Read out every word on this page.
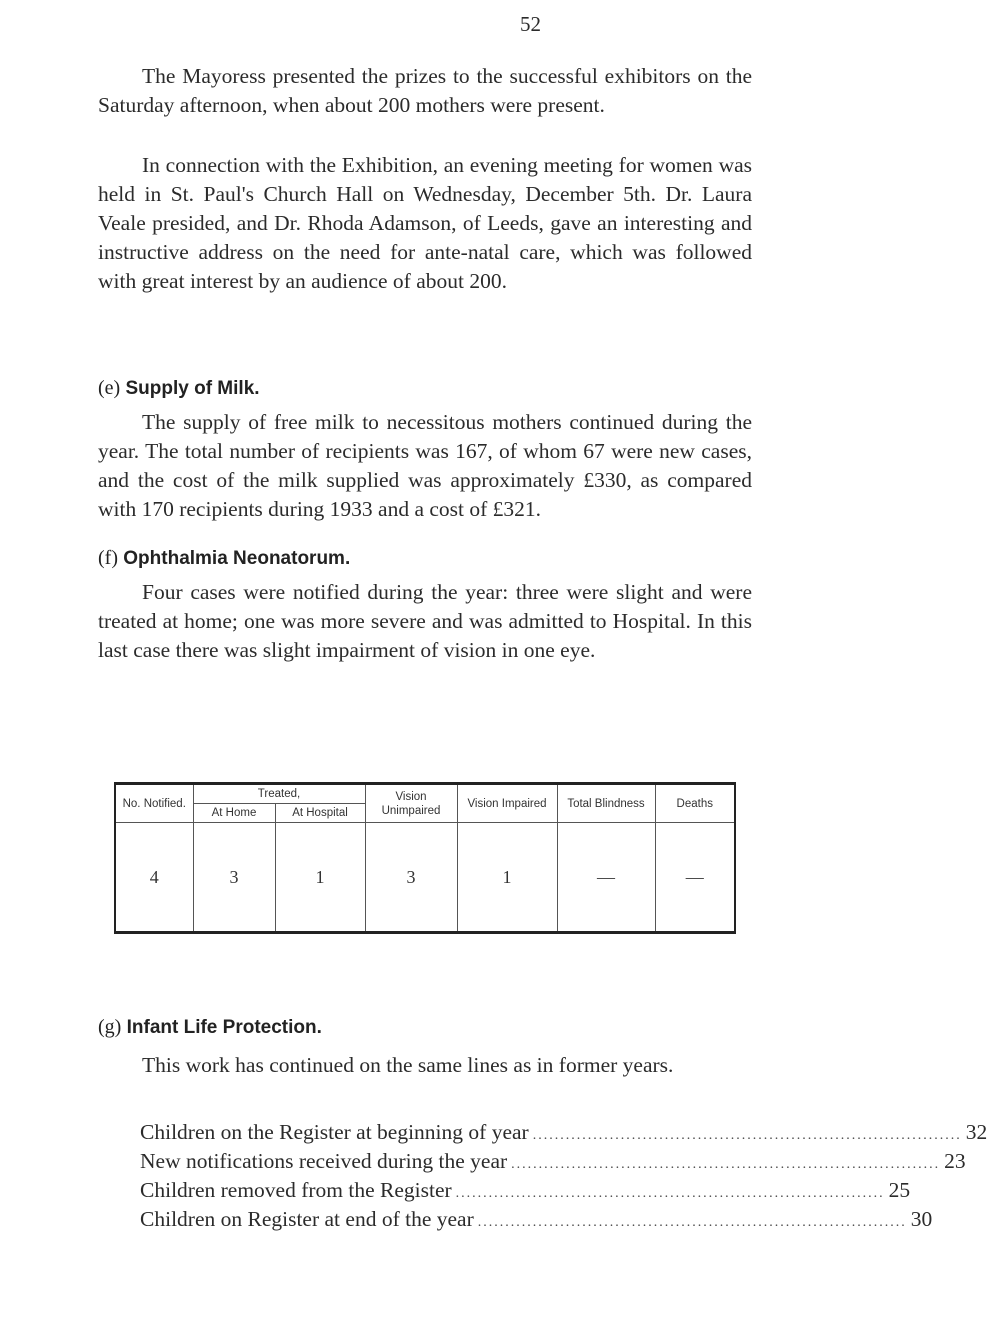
52

The Mayoress presented the prizes to the successful exhibitors on the Saturday afternoon, when about 200 mothers were present.

In connection with the Exhibition, an evening meeting for women was held in St. Paul's Church Hall on Wednesday, December 5th. Dr. Laura Veale presided, and Dr. Rhoda Adamson, of Leeds, gave an interesting and instructive address on the need for ante-natal care, which was followed with great interest by an audience of about 200.

(e) Supply of Milk.

The supply of free milk to necessitous mothers continued during the year. The total number of recipients was 167, of whom 67 were new cases, and the cost of the milk supplied was approximately £330, as compared with 170 recipients during 1933 and a cost of £321.

(f) Ophthalmia Neonatorum.

Four cases were notified during the year: three were slight and were treated at home; one was more severe and was admitted to Hospital. In this last case there was slight impairment of vision in one eye.

No. Notified.	Treated,		Vision Unimpaired	Vision Impaired	Total Blindness	Deaths
	At Home	At Hospital				
4	3	1	3	1	—	—
(g) Infant Life Protection.

This work has continued on the same lines as in former years.

Children on the Register at beginning of year .............................................................................. 32
New notifications received during the year .............................................................................. 23
Children removed from the Register .............................................................................. 25
Children on Register at end of the year .............................................................................. 30
